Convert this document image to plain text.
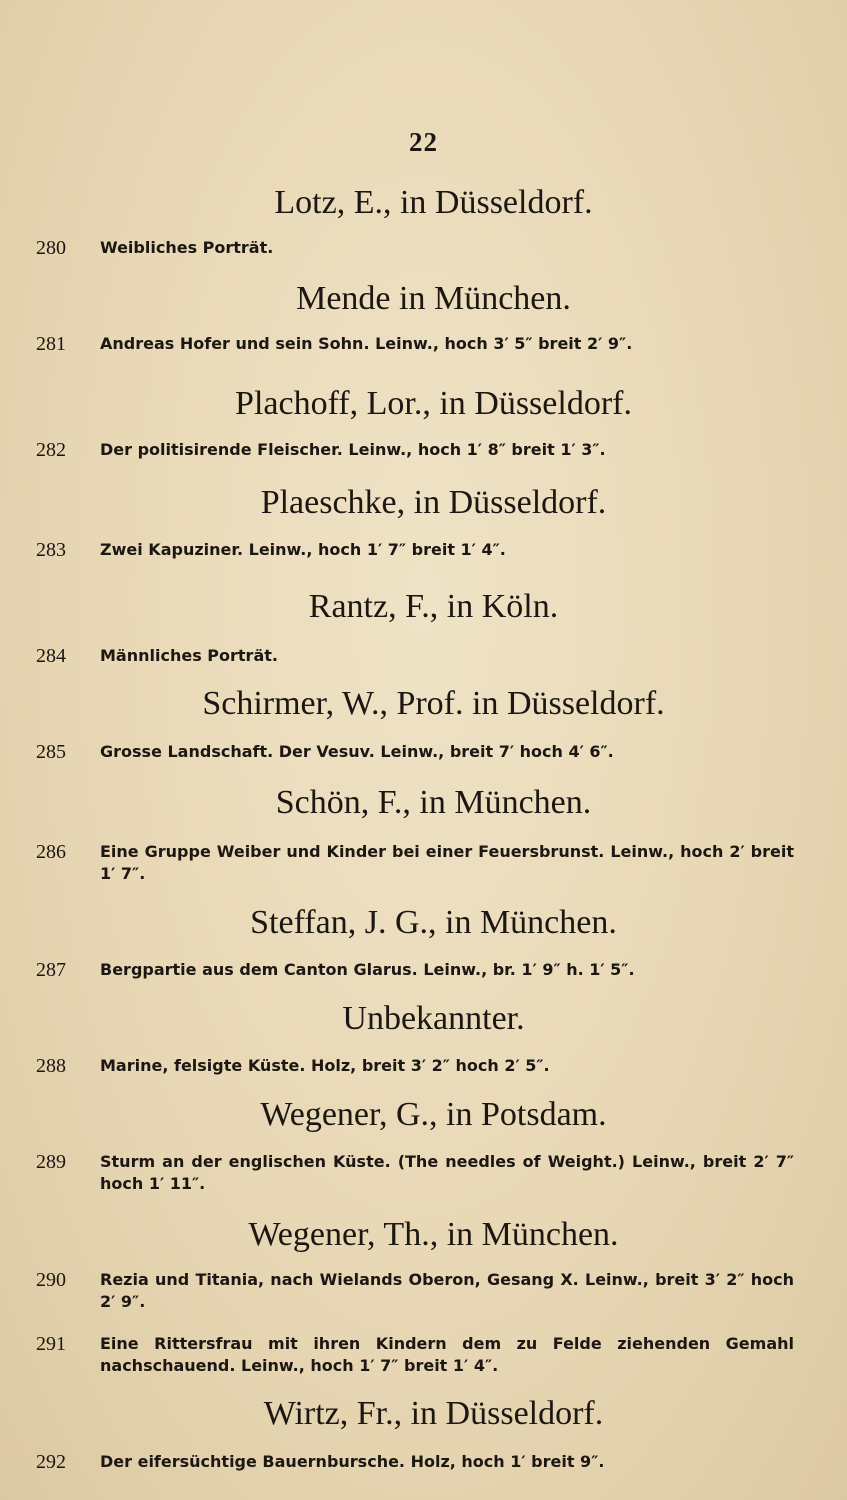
22
Lotz, E., in Düsseldorf.
280 Weibliches Porträt.
Mende in München.
281 Andreas Hofer und sein Sohn. Leinw., hoch 3′ 5″ breit 2′ 9″.
Plachoff, Lor., in Düsseldorf.
282 Der politisirende Fleischer. Leinw., hoch 1′ 8″ breit 1′ 3″.
Plaeschke, in Düsseldorf.
283 Zwei Kapuziner. Leinw., hoch 1′ 7″ breit 1′ 4″.
Rantz, F., in Köln.
284 Männliches Porträt.
Schirmer, W., Prof. in Düsseldorf.
285 Grosse Landschaft. Der Vesuv. Leinw., breit 7′ hoch 4′ 6″.
Schön, F., in München.
286 Eine Gruppe Weiber und Kinder bei einer Feuersbrunst. Leinw., hoch 2′ breit 1′ 7″.
Steffan, J. G., in München.
287 Bergpartie aus dem Canton Glarus. Leinw., br. 1′ 9″ h. 1′ 5″.
Unbekannter.
288 Marine, felsigte Küste. Holz, breit 3′ 2″ hoch 2′ 5″.
Wegener, G., in Potsdam.
289 Sturm an der englischen Küste. (The needles of Weight.) Leinw., breit 2′ 7″ hoch 1′ 11″.
Wegener, Th., in München.
290 Rezia und Titania, nach Wielands Oberon, Gesang X. Leinw., breit 3′ 2″ hoch 2′ 9″.
291 Eine Rittersfrau mit ihren Kindern dem zu Felde ziehenden Gemahl nachschauend. Leinw., hoch 1′ 7″ breit 1′ 4″.
Wirtz, Fr., in Düsseldorf.
292 Der eifersüchtige Bauernbursche. Holz, hoch 1′ breit 9″.
